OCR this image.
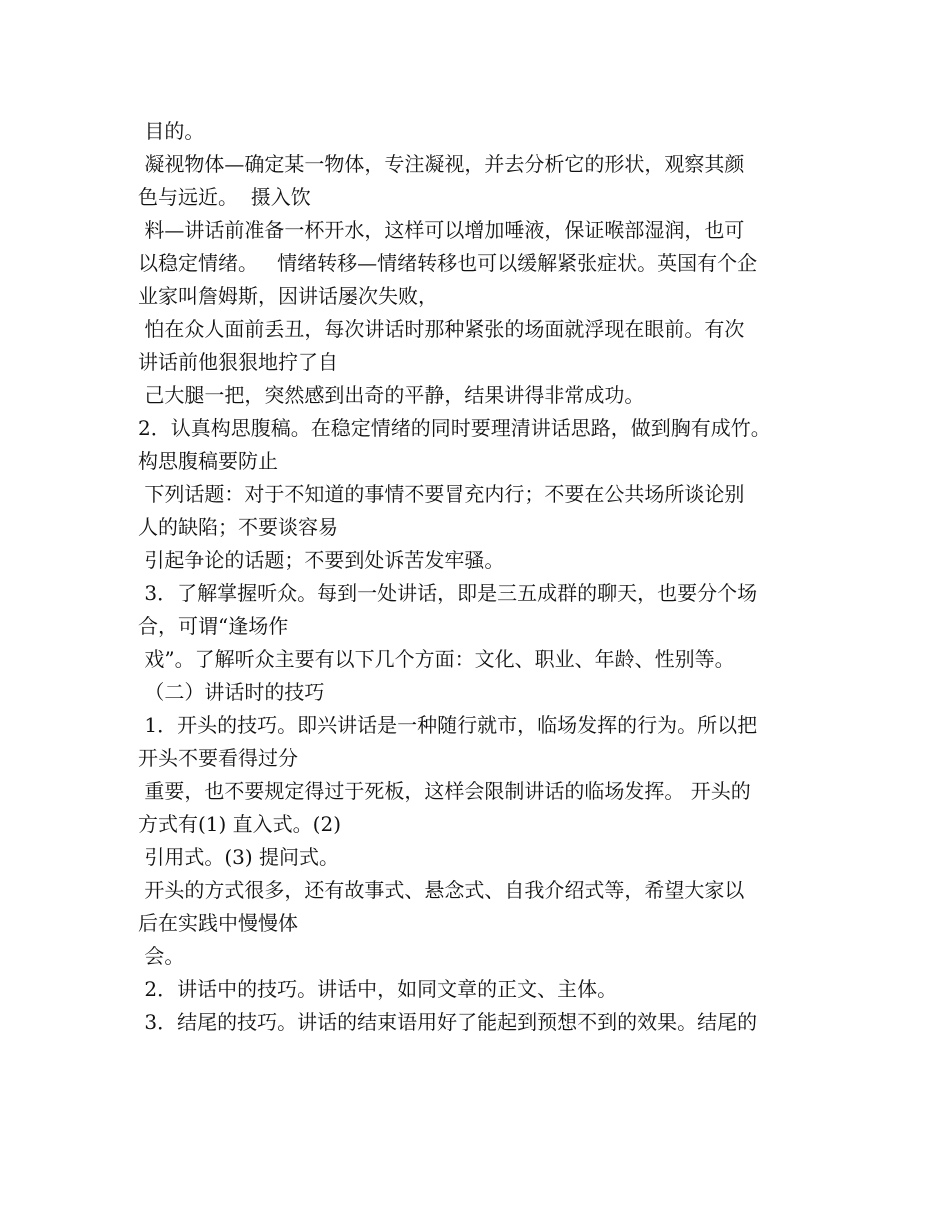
目的。
凝视物体—确定某一物体，专注凝视，并去分析它的形状，观察其颜
色与远近。  摄入饮
料—讲话前准备一杯开水，这样可以增加唾液，保证喉部湿润，也可
以稳定情绪。   情绪转移—情绪转移也可以缓解紧张症状。英国有个企
业家叫詹姆斯，因讲话屡次失败，
怕在众人面前丢丑，每次讲话时那种紧张的场面就浮现在眼前。有次
讲话前他狠狠地拧了自
己大腿一把，突然感到出奇的平静，结果讲得非常成功。
2．认真构思腹稿。在稳定情绪的同时要理清讲话思路，做到胸有成竹。
构思腹稿要防止
下列话题：对于不知道的事情不要冒充内行；不要在公共场所谈论别
人的缺陷；不要谈容易
引起争论的话题；不要到处诉苦发牢骚。
3．了解掌握听众。每到一处讲话，即是三五成群的聊天，也要分个场
合，可谓“逢场作
戏”。了解听众主要有以下几个方面：文化、职业、年龄、性别等。
（二）讲话时的技巧
1．开头的技巧。即兴讲话是一种随行就市，临场发挥的行为。所以把
开头不要看得过分
重要，也不要规定得过于死板，这样会限制讲话的临场发挥。 开头的
方式有(1) 直入式。(2)
引用式。(3) 提问式。
开头的方式很多，还有故事式、悬念式、自我介绍式等，希望大家以
后在实践中慢慢体
会。
2．讲话中的技巧。讲话中，如同文章的正文、主体。
3．结尾的技巧。讲话的结束语用好了能起到预想不到的效果。结尾的
